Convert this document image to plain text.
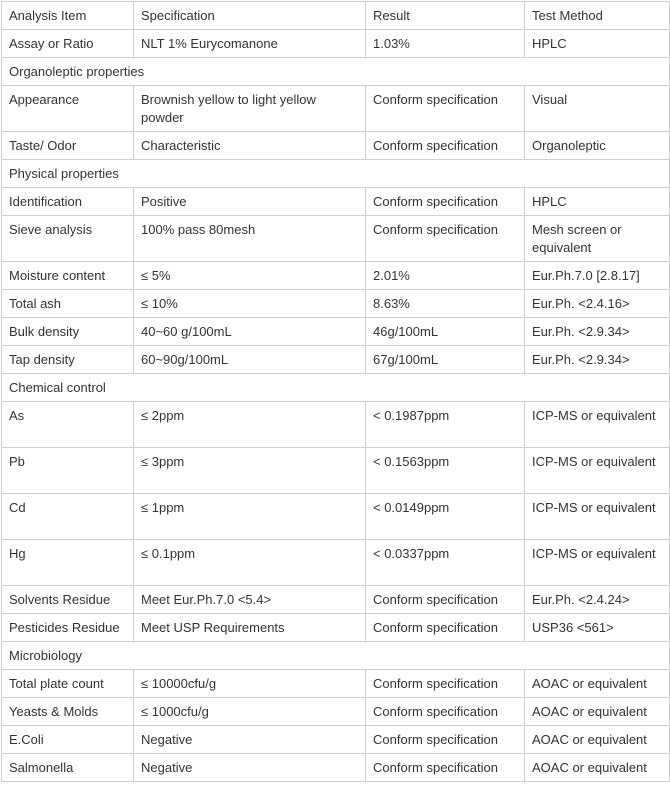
Analysis Item	Specification	Result	Test Method
Assay or Ratio	NLT 1% Eurycomanone	1.03%	HPLC
Organoleptic properties			
Appearance	Brownish yellow to light yellow powder	Conform specification	Visual
Taste/ Odor	Characteristic	Conform specification	Organoleptic
Physical properties			
Identification	Positive	Conform specification	HPLC
Sieve analysis	100% pass 80mesh	Conform specification	Mesh screen or equivalent
Moisture content	≤ 5%	2.01%	Eur.Ph.7.0 [2.8.17]
Total ash	≤ 10%	8.63%	Eur.Ph. <2.4.16>
Bulk density	40~60 g/100mL	46g/100mL	Eur.Ph. <2.9.34>
Tap density	60~90g/100mL	67g/100mL	Eur.Ph. <2.9.34>
Chemical control			
As	≤ 2ppm	< 0.1987ppm	ICP-MS or equivalent
Pb	≤ 3ppm	< 0.1563ppm	ICP-MS or equivalent
Cd	≤ 1ppm	< 0.0149ppm	ICP-MS or equivalent
Hg	≤ 0.1ppm	< 0.0337ppm	ICP-MS or equivalent
Solvents Residue	Meet Eur.Ph.7.0 <5.4>	Conform specification	Eur.Ph. <2.4.24>
Pesticides Residue	Meet USP Requirements	Conform specification	USP36 <561>
Microbiology			
Total plate count	≤ 10000cfu/g	Conform specification	AOAC or equivalent
Yeasts & Molds	≤ 1000cfu/g	Conform specification	AOAC or equivalent
E.Coli	Negative	Conform specification	AOAC or equivalent
Salmonella	Negative	Conform specification	AOAC or equivalent
